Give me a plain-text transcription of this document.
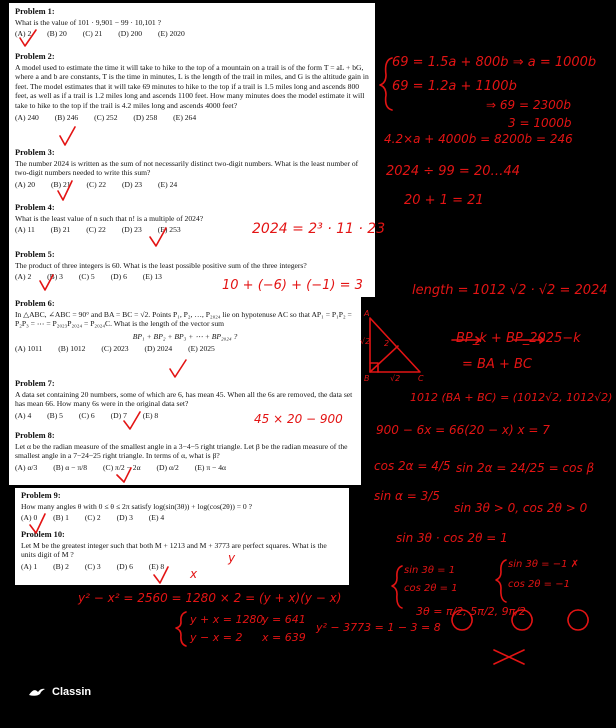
Problem 1:

What is the value of 101 · 9,901 − 99 · 10,101 ?

(A) 2 (B) 20 (C) 21 (D) 200 (E) 2020
Problem 2:

A model used to estimate the time it will take to hike to the top of a mountain on a trail is of the form T = aL + bG, where a and b are constants, T is the time in minutes, L is the length of the trail in miles, and G is the altitude gain in feet. The model estimates that it will take 69 minutes to hike to the top if a trail is 1.5 miles long and ascends 800 feet, as well as if a trail is 1.2 miles long and ascends 1100 feet. How many minutes does the model estimate it will take to hike to the top if the trail is 4.2 miles long and ascends 4000 feet?

(A) 240 (B) 246 (C) 252 (D) 258 (E) 264
Problem 3:

The number 2024 is written as the sum of not necessarily distinct two-digit numbers. What is the least number of two-digit numbers needed to write this sum?

(A) 20 (B) 21 (C) 22 (D) 23 (E) 24
Problem 4:

What is the least value of n such that n! is a multiple of 2024?

(A) 11 (B) 21 (C) 22 (D) 23 (E) 253
Problem 5:

The product of three integers is 60. What is the least possible positive sum of the three integers?

(A) 2 (B) 3 (C) 5 (D) 6 (E) 13
Problem 6:

In △ABC, ∠ABC = 90° and BA = BC = √2. Points P₁, P₂, …, P₂₀₂₄ lie on hypotenuse AC so that AP₁ = P₁P₂ = P₂P₃ = ⋯ = P₂₀₂₃P₂₀₂₄ = P₂₀₂₄C. What is the length of the vector sum

BP₁ + BP₂ + BP₃ + ⋯ + BP₂₀₂₄ ?
(A) 1011 (B) 1012 (C) 2023 (D) 2024 (E) 2025
Problem 7:

A data set containing 20 numbers, some of which are 6, has mean 45. When all the 6s are removed, the data set has mean 66. How many 6s were in the original data set?

(A) 4 (B) 5 (C) 6 (D) 7 (E) 8
Problem 8:

Let α be the radian measure of the smallest angle in a 3−4−5 right triangle. Let β be the radian measure of the smallest angle in a 7−24−25 right triangle. In terms of α, what is β?

(A) α/3 (B) α − π/8 (C) π/2 − 2α (D) α/2 (E) π − 4α
Problem 9:

How many angles θ with 0 ≤ θ ≤ 2π satisfy log(sin(3θ)) + log(cos(2θ)) = 0 ?

(A) 0 (B) 1 (C) 2 (D) 3 (E) 4
Problem 10:

Let M be the greatest integer such that both M + 1213 and M + 3773 are perfect squares. What is the units digit of M ?

(A) 1 (B) 2 (C) 3 (D) 6 (E) 8
69 = 1.5a + 800b ⇒ a = 1000b
69 = 1.2a + 1100b
⇒ 69 = 2300b
3 = 1000b
4.2×a + 4000b = 8200b = 246
2024 ÷ 99 = 20…44
20 + 1 = 21
2024 = 2³ · 11 · 23
10 + (−6) + (−1) = 3	length = 1012 √2 · √2 = 2024
BP_k + BP_2025−k
= BA + BC
1012 (BA + BC) = (1012√2, 1012√2)
√2 2
B	√2 C
A
45 × 20 − 900
900 − 6x = 66(20 − x) x = 7
cos 2α = 4/5 sin 2α = 24/25 = cos β
sin α = 3/5
sin 3θ > 0, cos 2θ > 0
sin 3θ · cos 2θ = 1
sin 3θ = 1
cos 2θ = 1
sin 3θ = −1 ✗
cos 2θ = −1
3θ = π/2, 5π/2, 9π/2
y² − x² = 2560 = 1280 × 2 = (y + x)(y − x)
y + x = 1280
y − x = 2
y = 641
x = 639
y² − 3773 = 1 − 3 = 8
x
y
Classin
